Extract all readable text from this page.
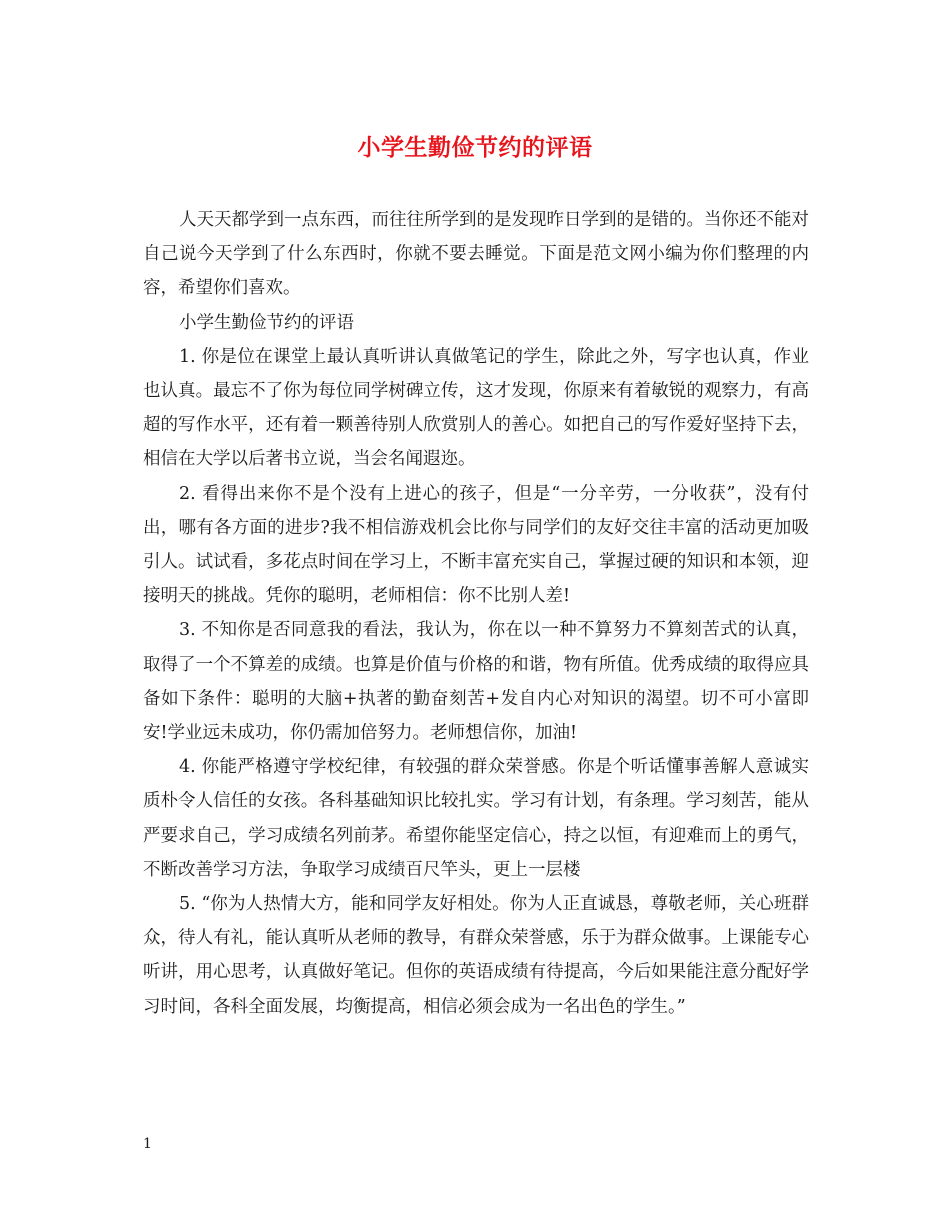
小学生勤俭节约的评语

人天天都学到一点东西，而往往所学到的是发现昨日学到的是错的。当你还不能对自己说今天学到了什么东西时，你就不要去睡觉。下面是范文网小编为你们整理的内容，希望你们喜欢。

小学生勤俭节约的评语

1. 你是位在课堂上最认真听讲认真做笔记的学生，除此之外，写字也认真，作业也认真。最忘不了你为每位同学树碑立传，这才发现，你原来有着敏锐的观察力，有高超的写作水平，还有着一颗善待别人欣赏别人的善心。如把自己的写作爱好坚持下去，相信在大学以后著书立说，当会名闻遐迩。

2. 看得出来你不是个没有上进心的孩子，但是“一分辛劳，一分收获”，没有付出，哪有各方面的进步?我不相信游戏机会比你与同学们的友好交往丰富的活动更加吸引人。试试看，多花点时间在学习上，不断丰富充实自己，掌握过硬的知识和本领，迎接明天的挑战。凭你的聪明，老师相信：你不比别人差!

3. 不知你是否同意我的看法，我认为，你在以一种不算努力不算刻苦式的认真，取得了一个不算差的成绩。也算是价值与价格的和谐，物有所值。优秀成绩的取得应具备如下条件：聪明的大脑+执著的勤奋刻苦+发自内心对知识的渴望。切不可小富即安!学业远未成功，你仍需加倍努力。老师想信你，加油!

4. 你能严格遵守学校纪律，有较强的群众荣誉感。你是个听话懂事善解人意诚实质朴令人信任的女孩。各科基础知识比较扎实。学习有计划，有条理。学习刻苦，能从严要求自己，学习成绩名列前茅。希望你能坚定信心，持之以恒，有迎难而上的勇气，不断改善学习方法，争取学习成绩百尺竿头，更上一层楼

5. “你为人热情大方，能和同学友好相处。你为人正直诚恳，尊敬老师，关心班群众，待人有礼，能认真听从老师的教导，有群众荣誉感，乐于为群众做事。上课能专心听讲，用心思考，认真做好笔记。但你的英语成绩有待提高，今后如果能注意分配好学习时间，各科全面发展，均衡提高，相信必须会成为一名出色的学生。”

1
